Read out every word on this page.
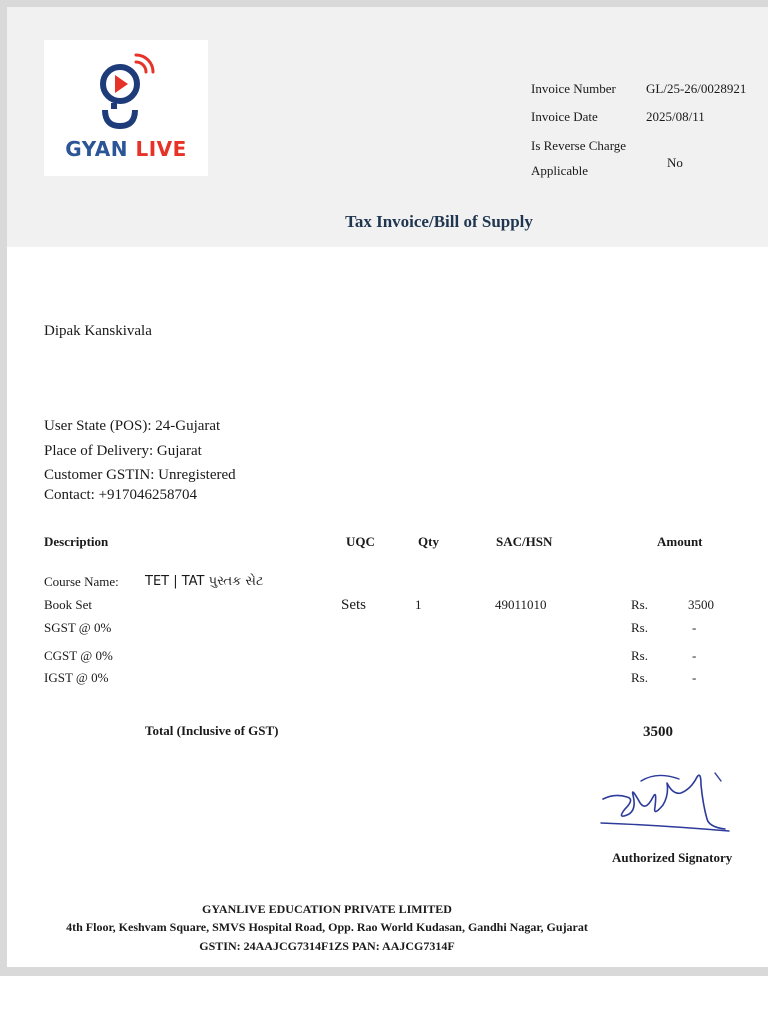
GYAN LIVE
Invoice Number GL/25-26/0028921
Invoice Date	2025/08/11
Is Reverse Charge
Applicable
No
Tax Invoice/Bill of Supply
Dipak Kanskivala
User State (POS): 24-Gujarat
Place of Delivery: Gujarat
Customer GSTIN: Unregistered
Contact: +917046258704
Description	UQC	Qty	SAC/HSN	Amount
Course Name: TET | TAT પુસ્તક સેટ
Book Set	Sets	1	49011010	Rs.	3500
SGST @ 0%	Rs.	-
CGST @ 0%	Rs.	-
IGST @ 0%	Rs.	-
Total (Inclusive of GST)	3500
Authorized Signatory
GYANLIVE EDUCATION PRIVATE LIMITED
4th Floor, Keshvam Square, SMVS Hospital Road, Opp. Rao World Kudasan, Gandhi Nagar, Gujarat
GSTIN: 24AAJCG7314F1ZS PAN: AAJCG7314F
